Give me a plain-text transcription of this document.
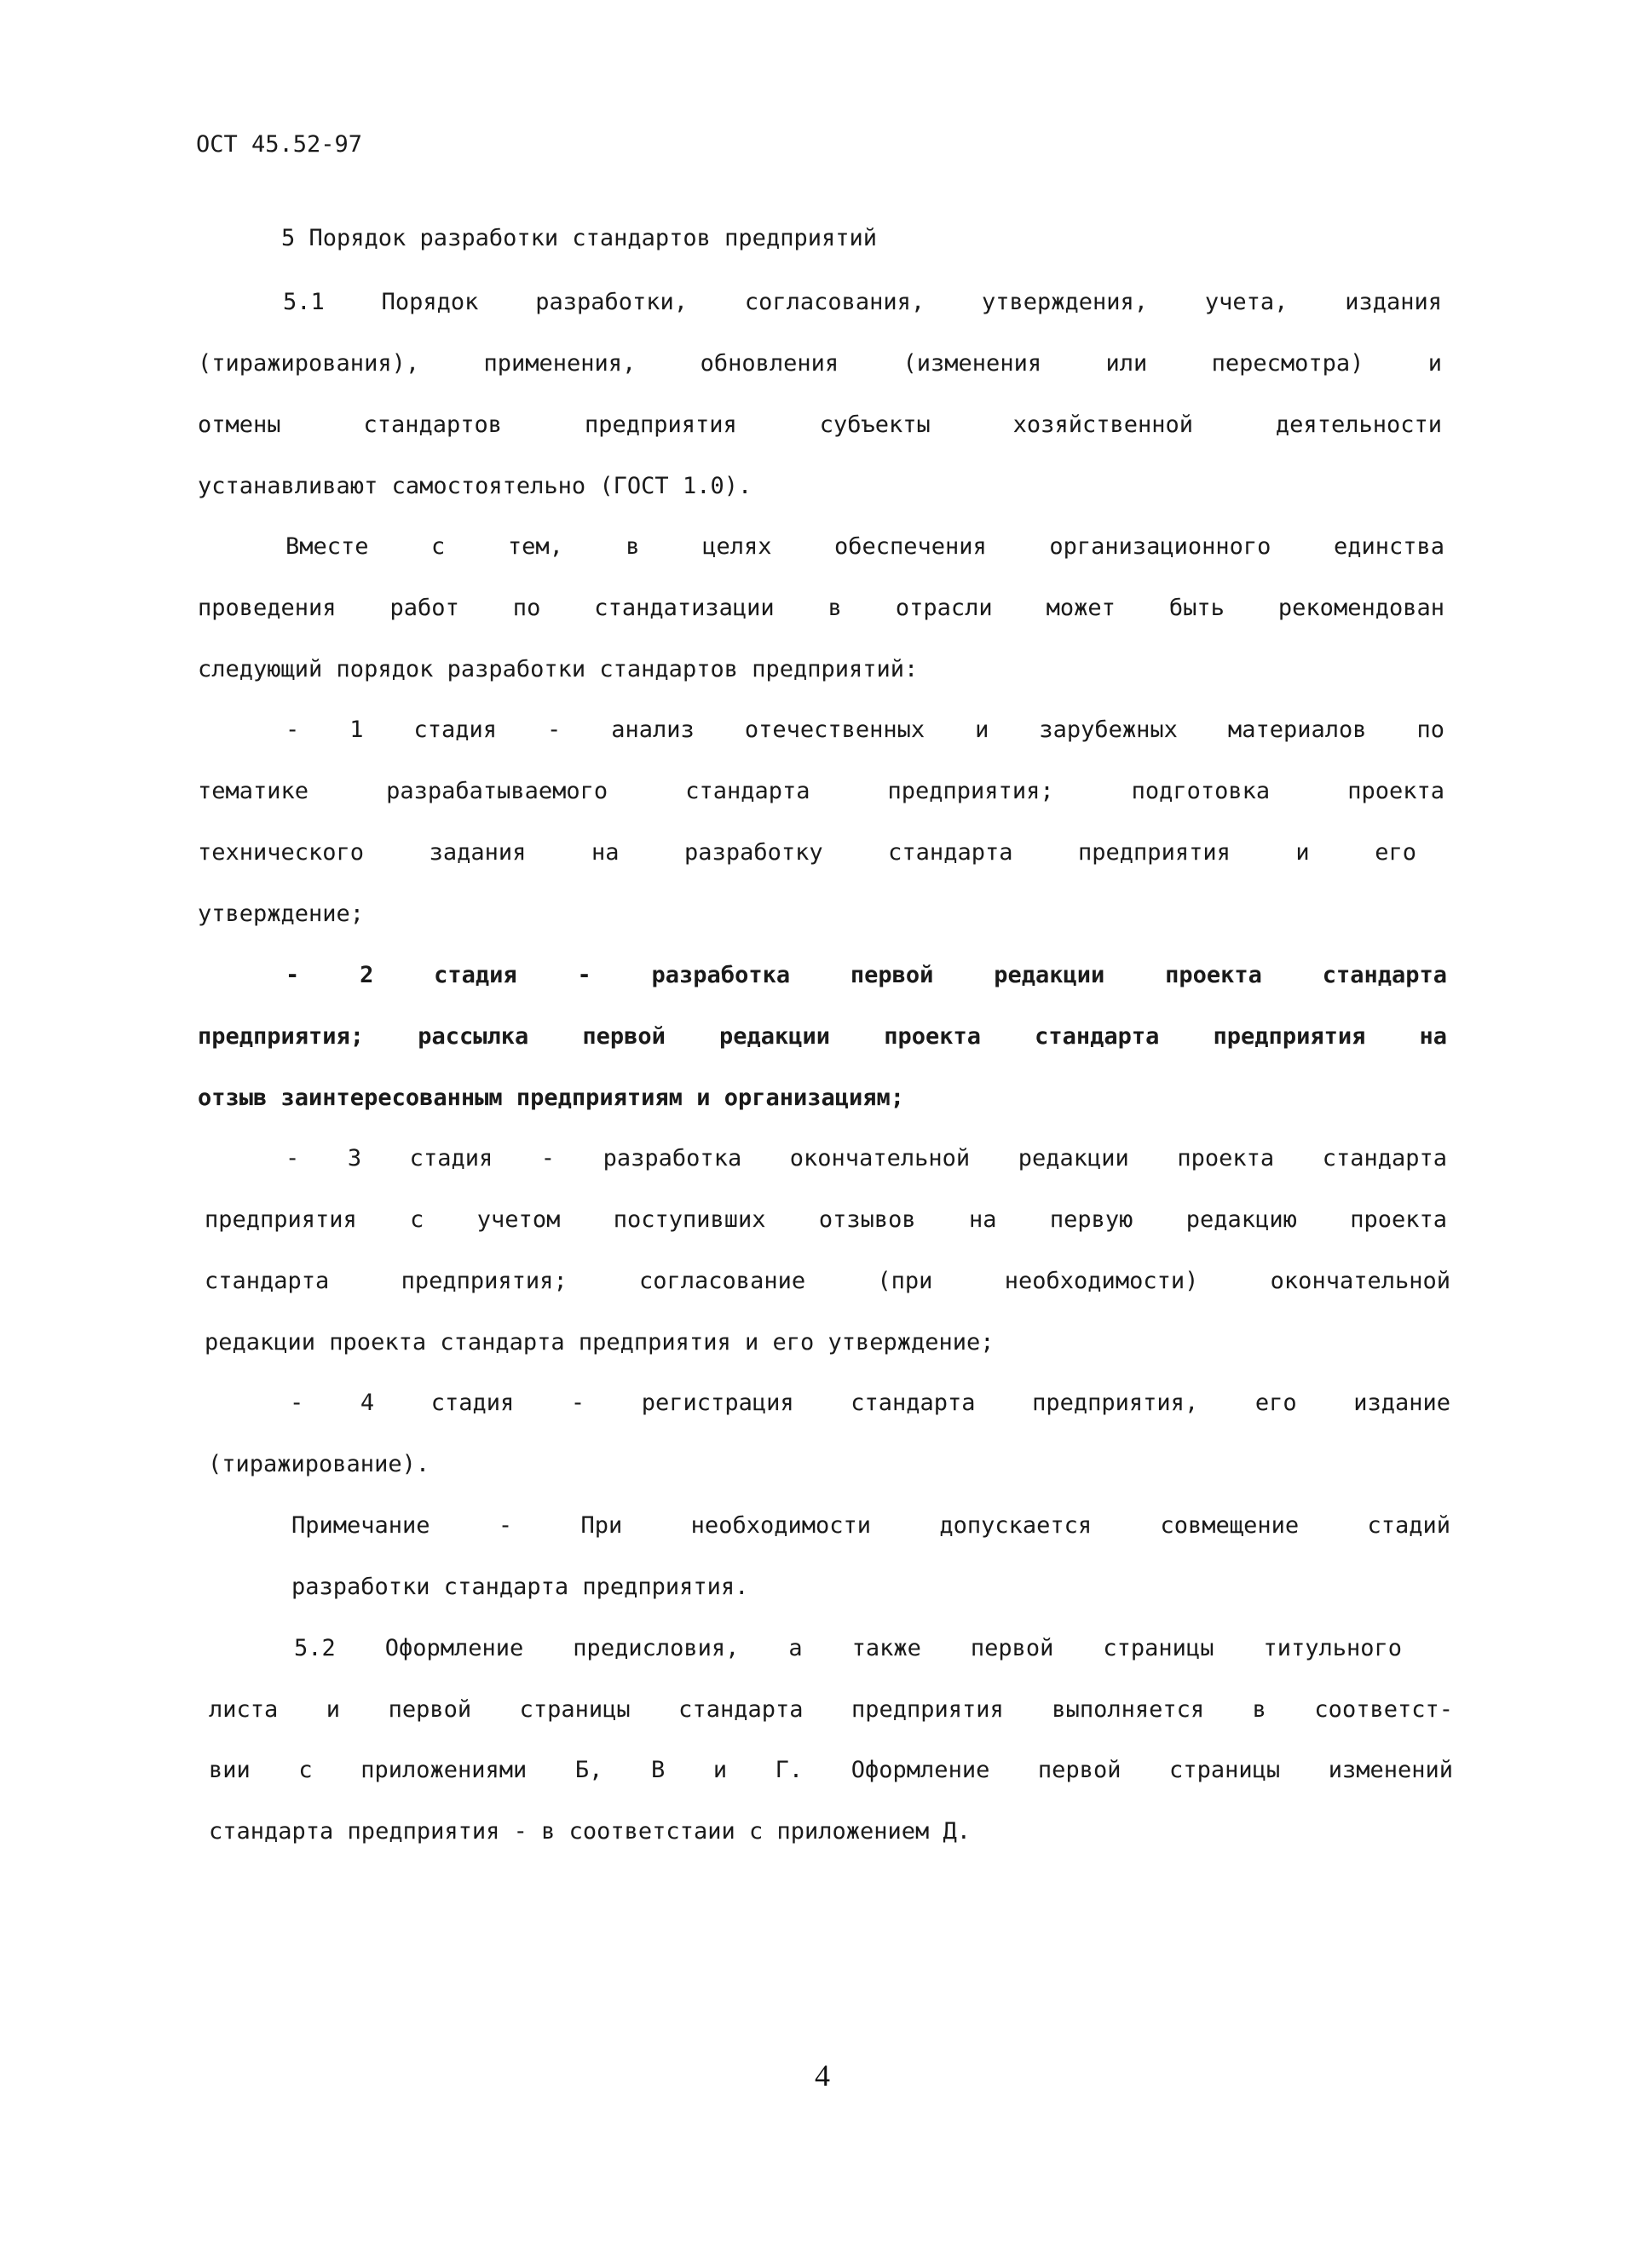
ОСТ 45.52-97
5 Порядок разработки стандартов предприятий
5.1 Порядок разработки, согласования, утверждения, учета, издания
(тиражирования), применения, обновления (изменения или пересмотра) и
отмены стандартов предприятия субъекты хозяйственной деятельности
устанавливают самостоятельно (ГОСТ 1.0).
Вместе с тем, в целях обеспечения организационного единства
проведения работ по стандатизации в отрасли может быть рекомендован
следующий порядок разработки стандартов предприятий:
- 1 стадия - анализ отечественных и зарубежных материалов по
тематике разрабатываемого стандарта предприятия; подготовка проекта
технического задания на разработку стандарта предприятия и его
утверждение;
- 2 стадия - разработка первой редакции проекта стандарта
предприятия; рассылка первой редакции проекта стандарта предприятия на
отзыв заинтересованным предприятиям и организациям;
- 3 стадия - разработка окончательной редакции проекта стандарта
предприятия с учетом поступивших отзывов на первую редакцию проекта
стандарта предприятия; согласование (при необходимости) окончательной
редакции проекта стандарта предприятия и его утверждение;
- 4 стадия - регистрация стандарта предприятия, его издание
(тиражирование).
Примечание - При необходимости допускается совмещение стадий
разработки стандарта предприятия.
5.2 Оформление предисловия, а также первой страницы титульного
листа и первой страницы стандарта предприятия выполняется в соответст-
вии с приложениями Б, В и Г. Оформление первой страницы изменений
стандарта предприятия - в соответстаии с приложением Д.
4
